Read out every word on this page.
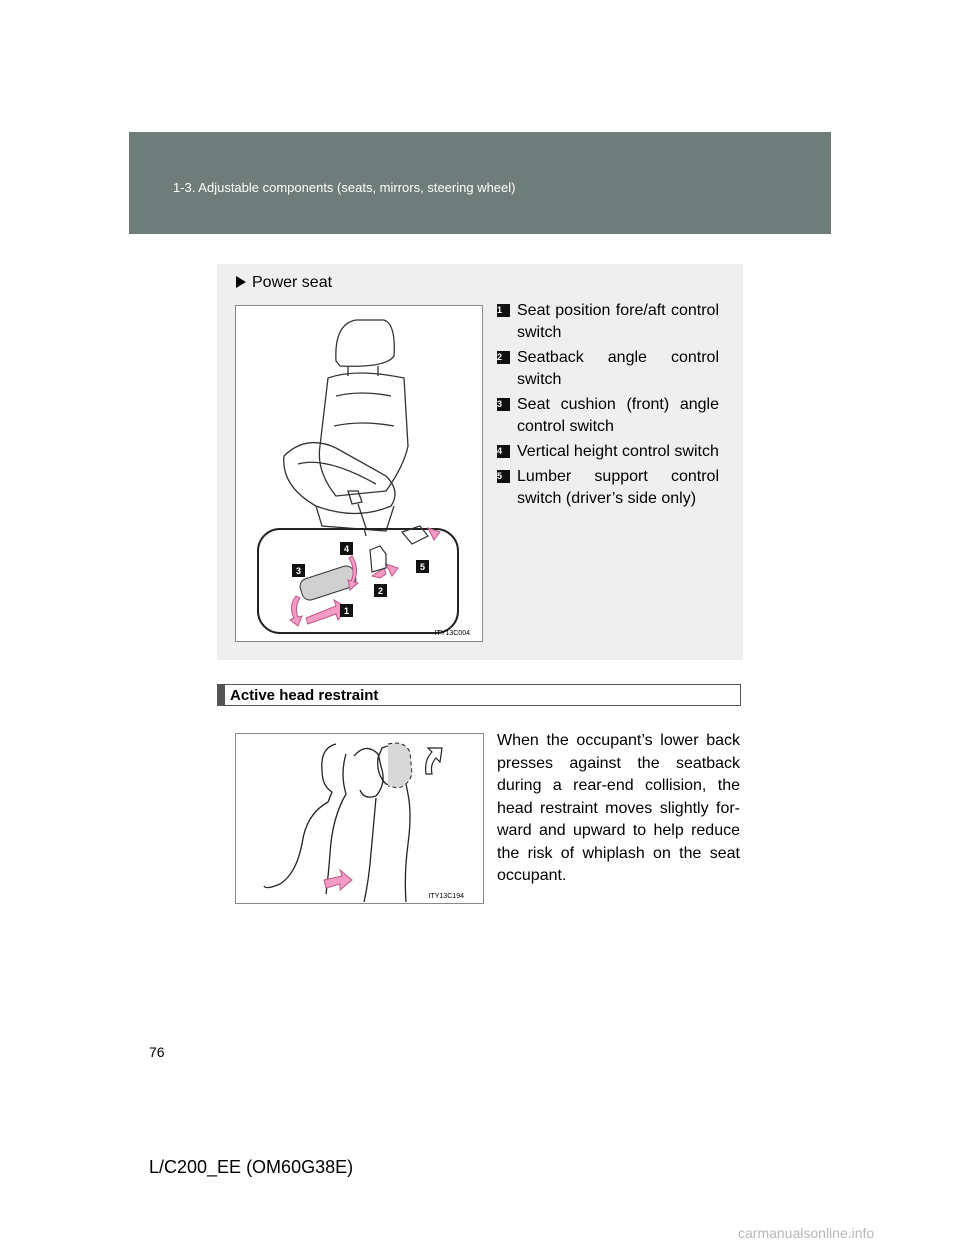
1-3. Adjustable components (seats, mirrors, steering wheel)
Power seat
1
2
3
4
5
ITY13C004
1 Seat position fore/aft control switch
2 Seatback angle control switch
3 Seat cushion (front) angle control switch
4 Vertical height control switch
5 Lumber support control switch (driver’s side only)
Active head restraint
ITY13C194
When the occupant’s lower back presses against the seatback during a rear-end collision, the head restraint moves slightly for-ward and upward to help reduce the risk of whiplash on the seat occupant.
76
L/C200_EE (OM60G38E)
carmanualsonline.info
